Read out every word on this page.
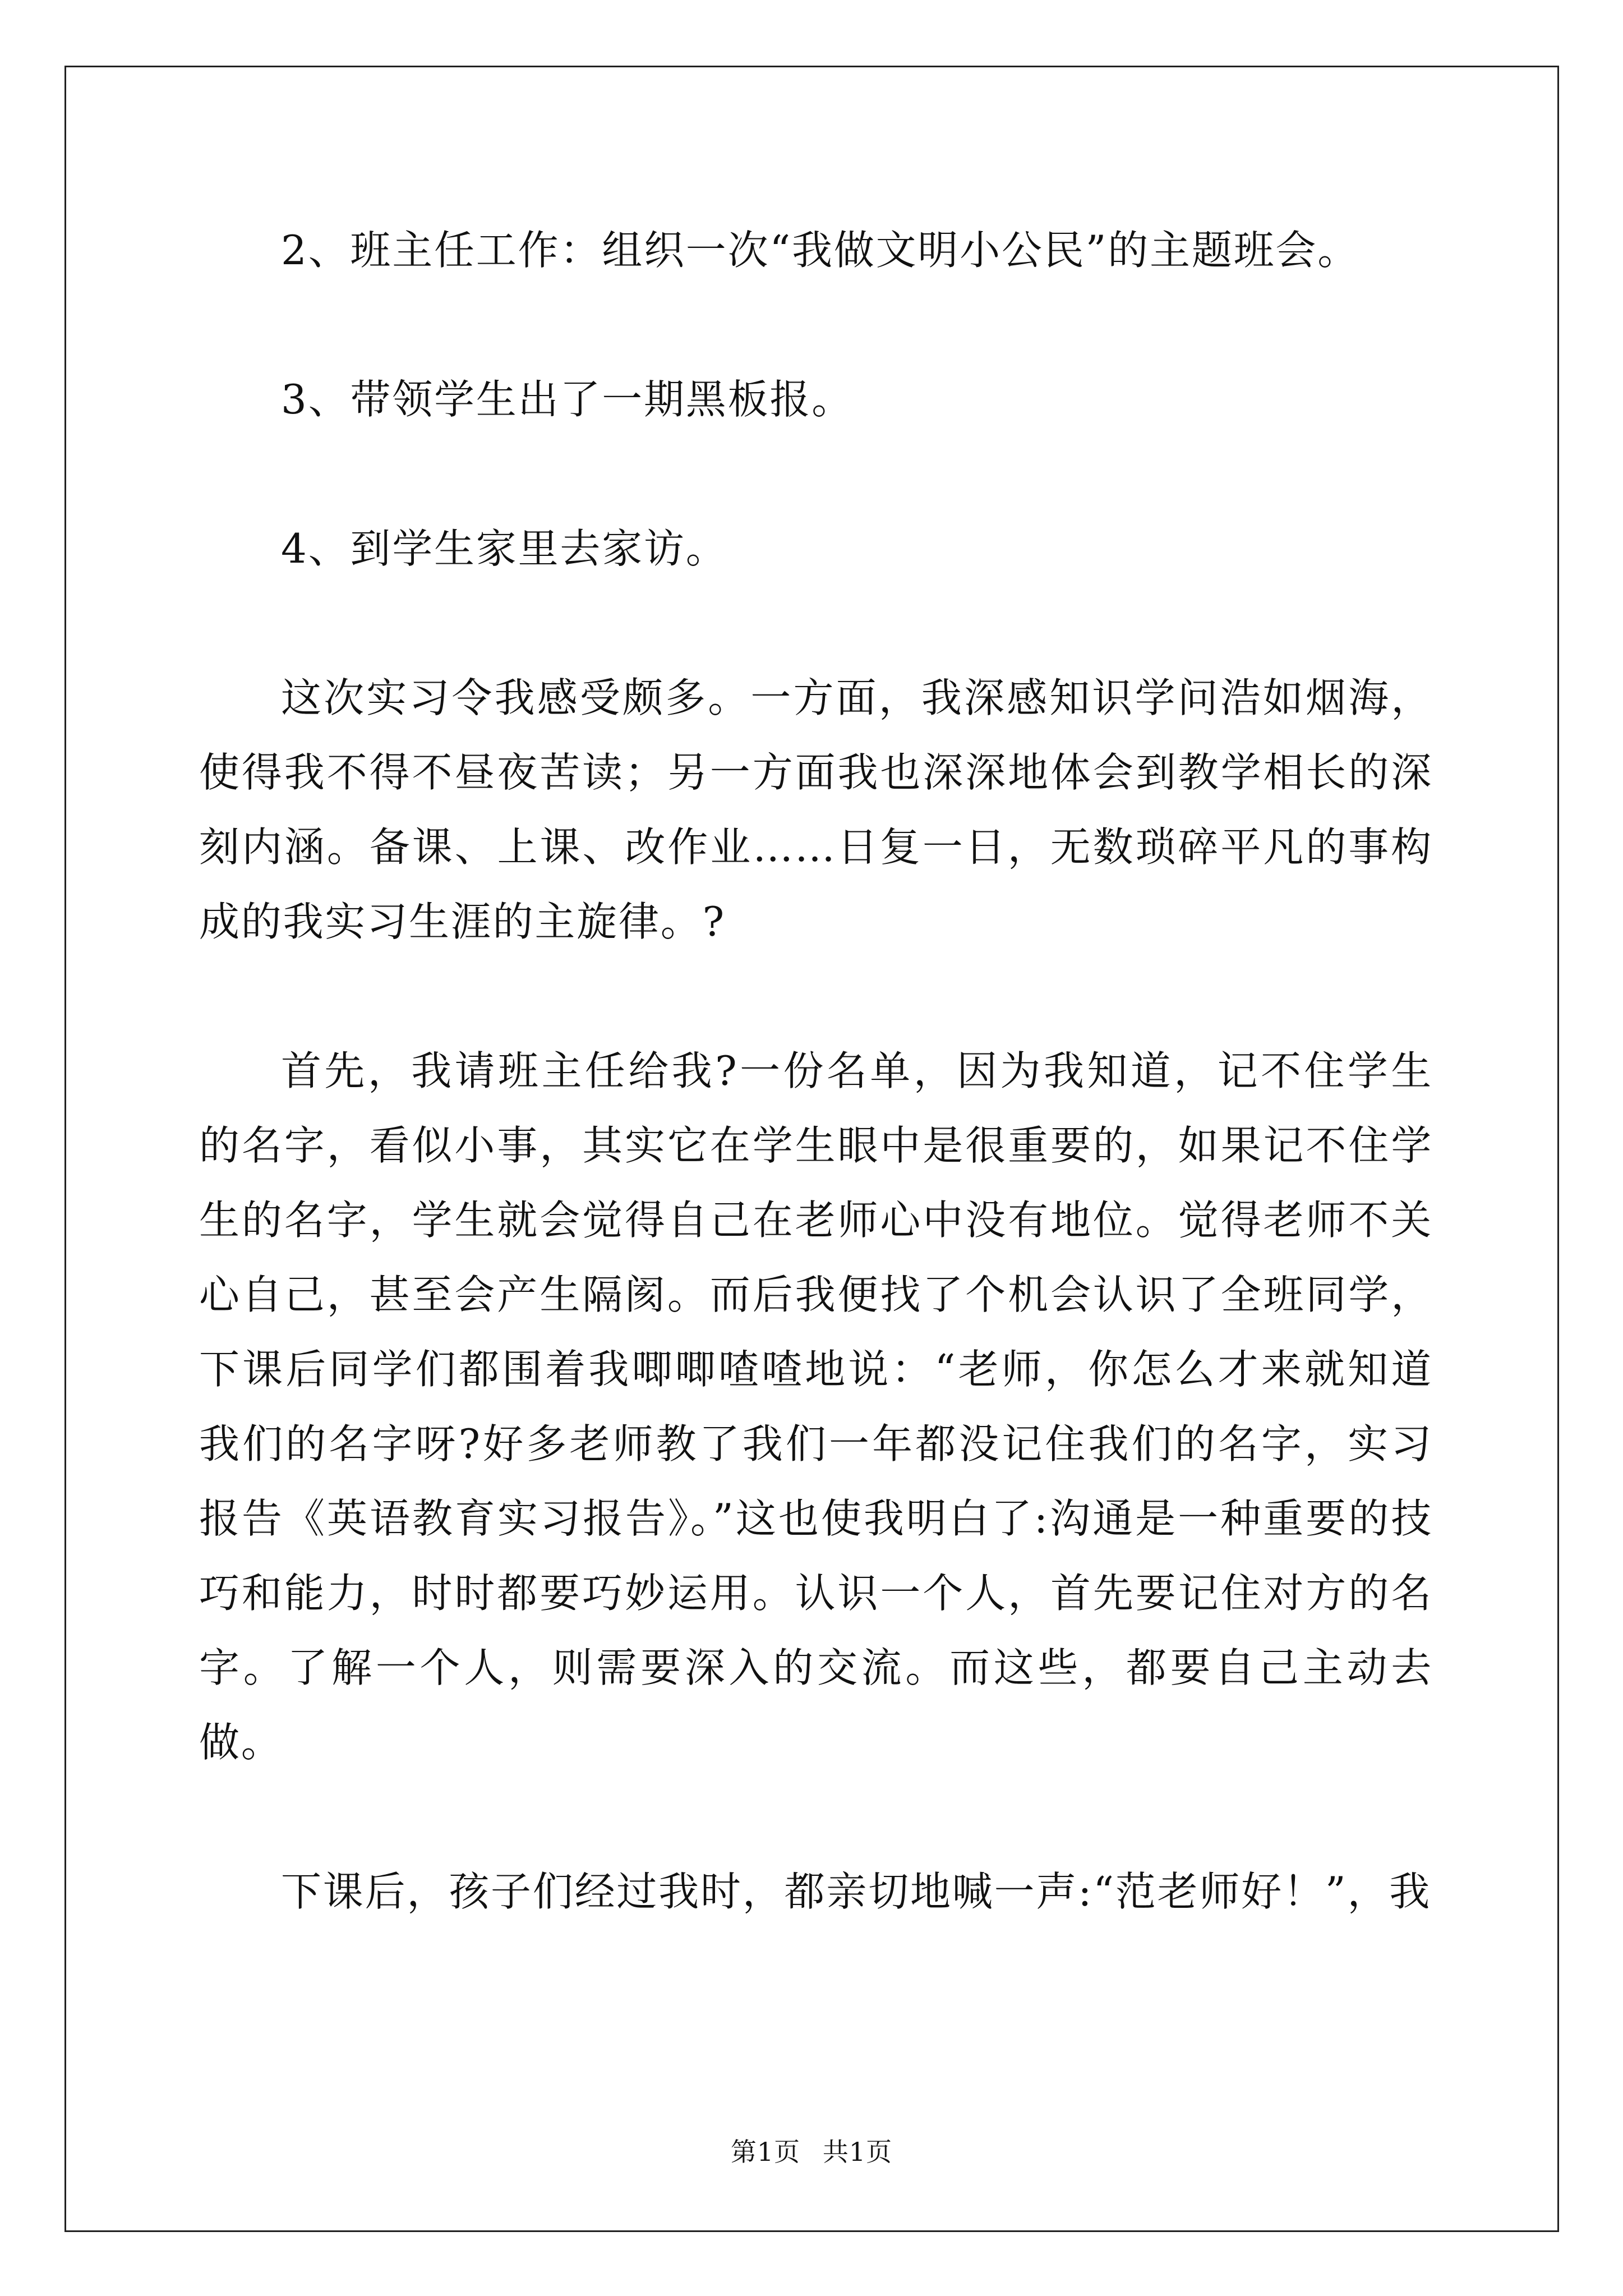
2、班主任工作：组织一次“我做文明小公民”的主题班会。

3、带领学生出了一期黑板报。

4、到学生家里去家访。

这次实习令我感受颇多。一方面，我深感知识学问浩如烟海，使得我不得不昼夜苦读；另一方面我也深深地体会到教学相长的深刻内涵。备课、上课、改作业……日复一日，无数琐碎平凡的事构成的我实习生涯的主旋律。?

首先，我请班主任给我?一份名单，因为我知道，记不住学生的名字，看似小事，其实它在学生眼中是很重要的，如果记不住学生的名字，学生就会觉得自己在老师心中没有地位。觉得老师不关心自己，甚至会产生隔阂。而后我便找了个机会认识了全班同学，下课后同学们都围着我唧唧喳喳地说：“老师，你怎么才来就知道我们的名字呀?好多老师教了我们一年都没记住我们的名字，实习报告《英语教育实习报告》。”这也使我明白了:沟通是一种重要的技巧和能力，时时都要巧妙运用。认识一个人，首先要记住对方的名字。了解一个人，则需要深入的交流。而这些，都要自己主动去做。

下课后，孩子们经过我时，都亲切地喊一声:“范老师好！”，我

第1页 共1页
